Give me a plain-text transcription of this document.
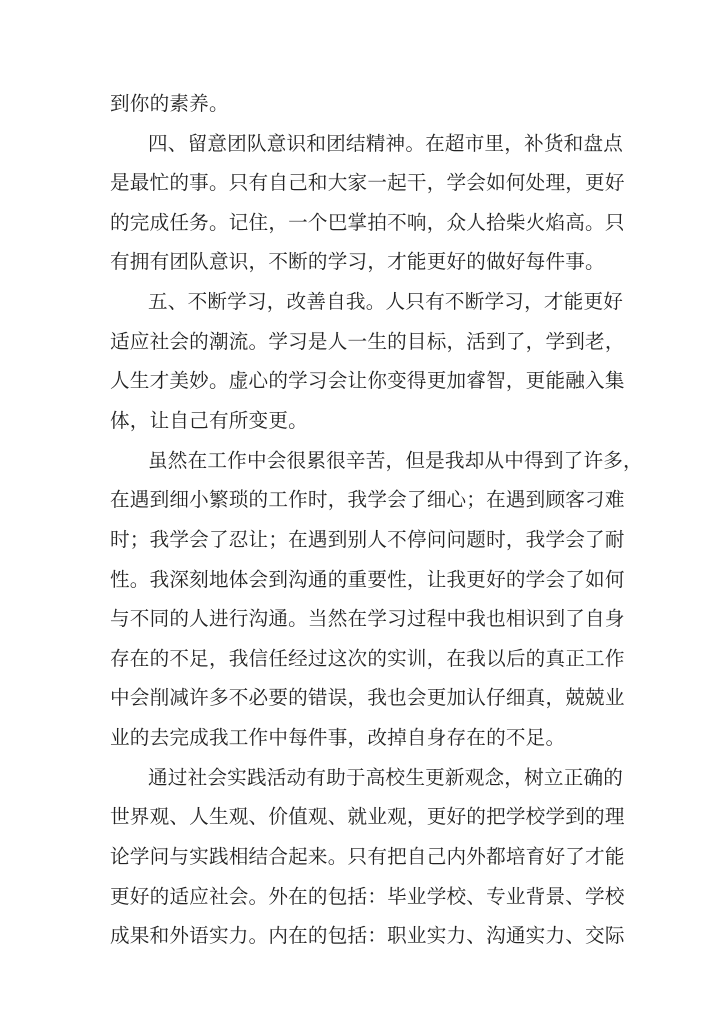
到你的素养。
四、留意团队意识和团结精神。在超市里，补货和盘点
是最忙的事。只有自己和大家一起干，学会如何处理，更好
的完成任务。记住，一个巴掌拍不响，众人拾柴火焰高。只
有拥有团队意识，不断的学习，才能更好的做好每件事。
五、不断学习，改善自我。人只有不断学习，才能更好
适应社会的潮流。学习是人一生的目标，活到了，学到老，
人生才美妙。虚心的学习会让你变得更加睿智，更能融入集
体，让自己有所变更。
虽然在工作中会很累很辛苦，但是我却从中得到了许多，
在遇到细小繁琐的工作时，我学会了细心；在遇到顾客刁难
时；我学会了忍让；在遇到别人不停问问题时，我学会了耐
性。我深刻地体会到沟通的重要性，让我更好的学会了如何
与不同的人进行沟通。当然在学习过程中我也相识到了自身
存在的不足，我信任经过这次的实训，在我以后的真正工作
中会削减许多不必要的错误，我也会更加认仔细真，兢兢业
业的去完成我工作中每件事，改掉自身存在的不足。
通过社会实践活动有助于高校生更新观念，树立正确的
世界观、人生观、价值观、就业观，更好的把学校学到的理
论学问与实践相结合起来。只有把自己内外都培育好了才能
更好的适应社会。外在的包括：毕业学校、专业背景、学校
成果和外语实力。内在的包括：职业实力、沟通实力、交际
